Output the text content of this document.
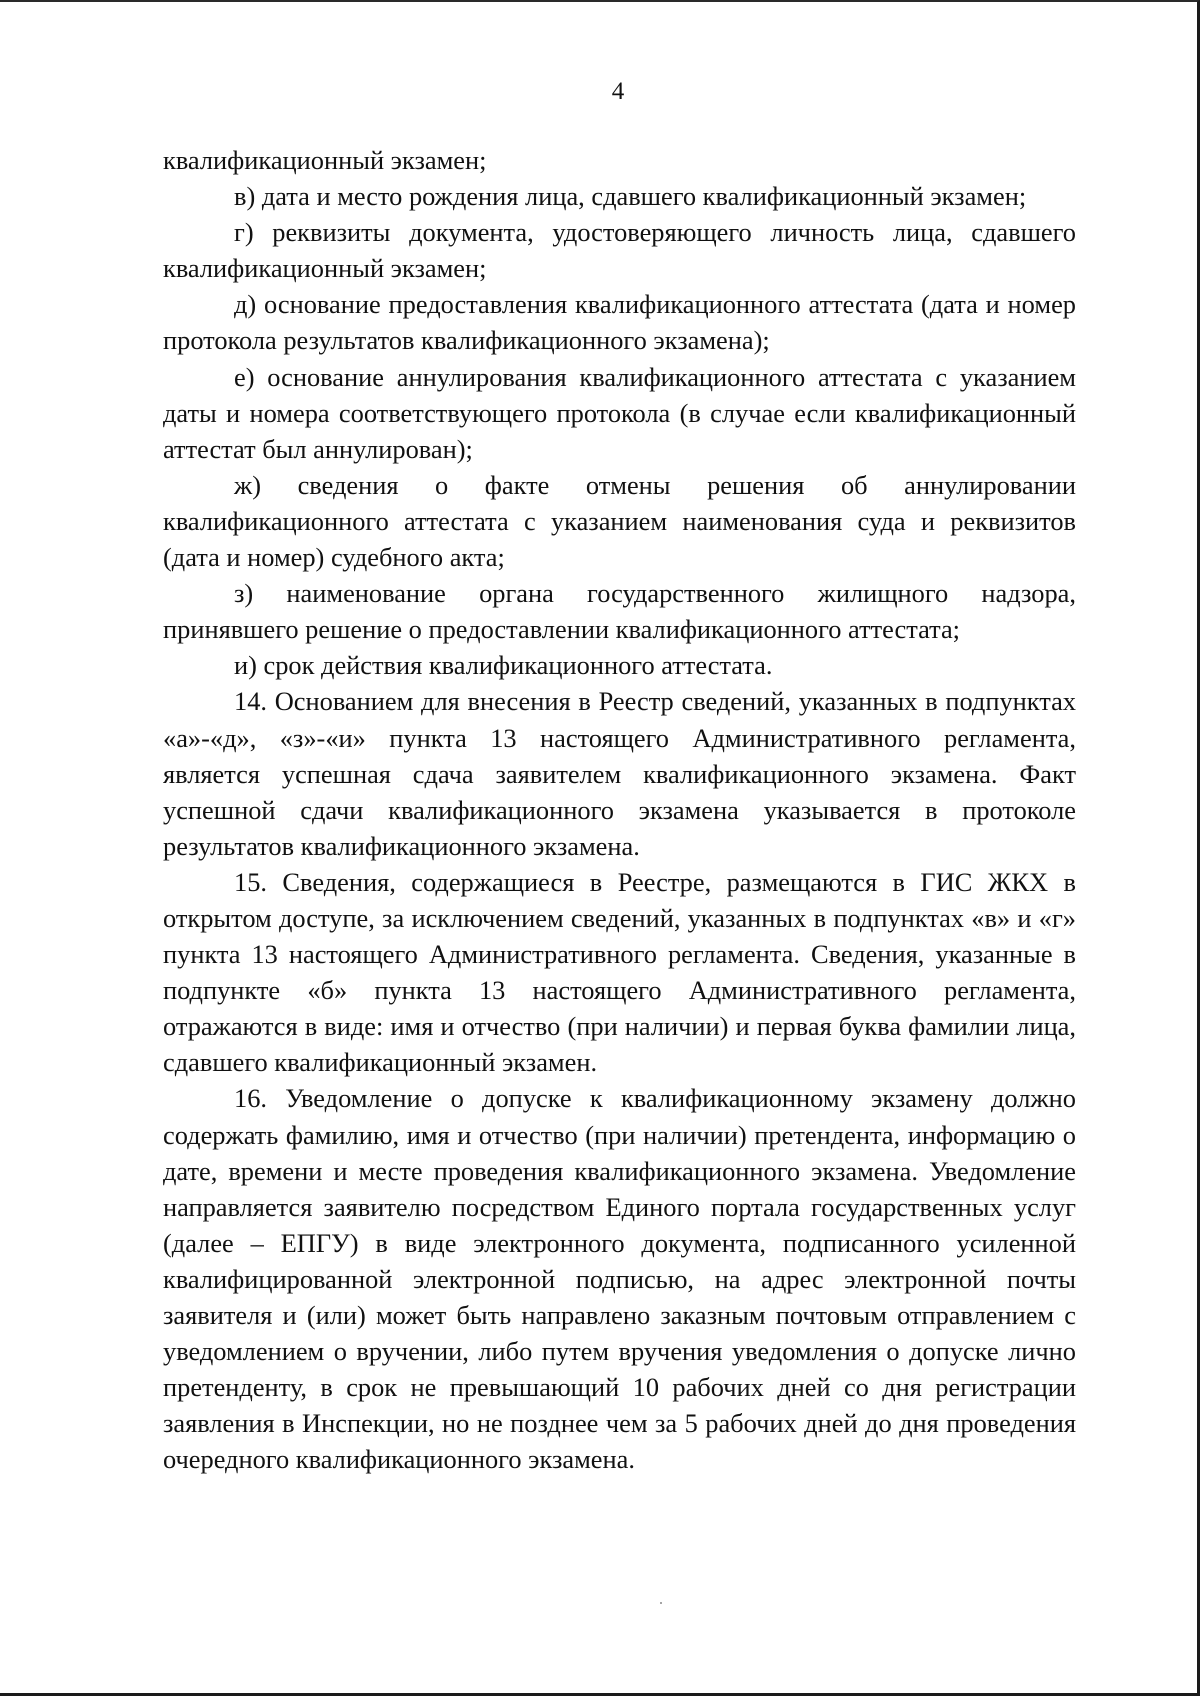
4

квалификационный экзамен;

в) дата и место рождения лица, сдавшего квалификационный экзамен;

г) реквизиты документа, удостоверяющего личность лица, сдавшего квалификационный экзамен;

д) основание предоставления квалификационного аттестата (дата и номер протокола результатов квалификационного экзамена);

е) основание аннулирования квалификационного аттестата с указанием даты и номера соответствующего протокола (в случае если квалификационный аттестат был аннулирован);

ж) сведения о факте отмены решения об аннулировании квалификационного аттестата с указанием наименования суда и реквизитов (дата и номер) судебного акта;

з) наименование органа государственного жилищного надзора, принявшего решение о предоставлении квалификационного аттестата;

и) срок действия квалификационного аттестата.

14. Основанием для внесения в Реестр сведений, указанных в подпунктах «а»-«д», «з»-«и» пункта 13 настоящего Административного регламента, является успешная сдача заявителем квалификационного экзамена. Факт успешной сдачи квалификационного экзамена указывается в протоколе результатов квалификационного экзамена.

15. Сведения, содержащиеся в Реестре, размещаются в ГИС ЖКХ в открытом доступе, за исключением сведений, указанных в подпунктах «в» и «г» пункта 13 настоящего Административного регламента. Сведения, указанные в подпункте «б» пункта 13 настоящего Административного регламента, отражаются в виде: имя и отчество (при наличии) и первая буква фамилии лица, сдавшего квалификационный экзамен.

16. Уведомление о допуске к квалификационному экзамену должно содержать фамилию, имя и отчество (при наличии) претендента, информацию о дате, времени и месте проведения квалификационного экзамена. Уведомление направляется заявителю посредством Единого портала государственных услуг (далее – ЕПГУ) в виде электронного документа, подписанного усиленной квалифицированной электронной подписью, на адрес электронной почты заявителя и (или) может быть направлено заказным почтовым отправлением с уведомлением о вручении, либо путем вручения уведомления о допуске лично претенденту, в срок не превышающий 10 рабочих дней со дня регистрации заявления в Инспекции, но не позднее чем за 5 рабочих дней до дня проведения очередного квалификационного экзамена.
